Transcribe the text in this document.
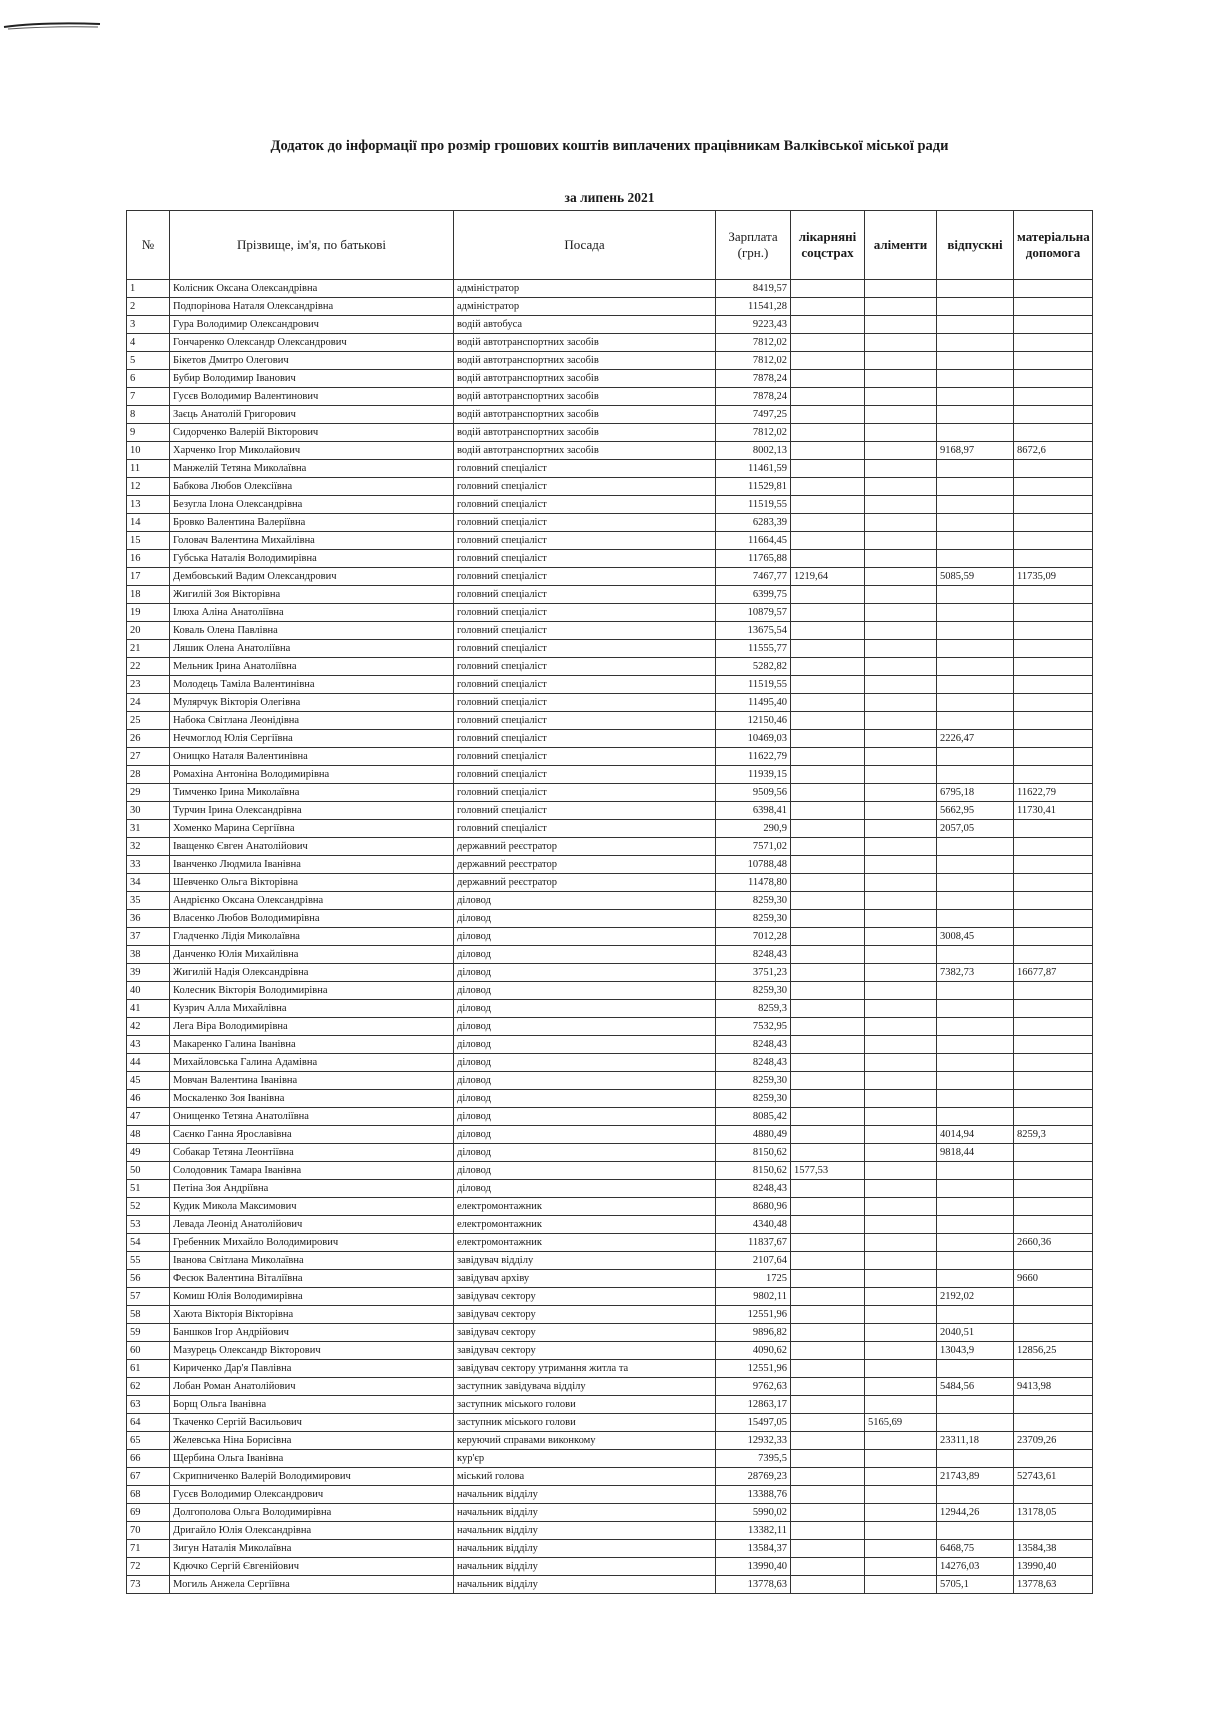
Додаток до інформації про розмір грошових коштів виплачених працівникам Валківської міської ради
за липень 2021
№	Прізвище, ім'я, по батькові	Посада	Зарплата (грн.)	лікарняні соцстрах	аліменти	відпускні	матеріальна допомога
1	Колісник Оксана Олександрівна	адміністратор	8419,57				
2	Подпорінова Наталя Олександрівна	адміністратор	11541,28				
3	Гура Володимир Олександрович	водій автобуса	9223,43				
4	Гончаренко Олександр Олександрович	водій автотранспортних засобів	7812,02				
5	Бікетов Дмитро Олегович	водій автотранспортних засобів	7812,02				
6	Бубир Володимир Іванович	водій автотранспортних засобів	7878,24				
7	Гусєв Володимир Валентинович	водій автотранспортних засобів	7878,24				
8	Заєць Анатолій Григорович	водій автотранспортних засобів	7497,25				
9	Сидорченко Валерій Вікторович	водій автотранспортних засобів	7812,02				
10	Харченко Ігор Миколайович	водій автотранспортних засобів	8002,13			9168,97	8672,6
11	Манжелій Тетяна Миколаївна	головний спеціаліст	11461,59				
12	Бабкова Любов Олексіївна	головний спеціаліст	11529,81				
13	Безугла Ілона Олександрівна	головний спеціаліст	11519,55				
14	Бровко Валентина Валеріївна	головний спеціаліст	6283,39				
15	Головач Валентина Михайлівна	головний спеціаліст	11664,45				
16	Губська Наталія Володимирівна	головний спеціаліст	11765,88				
17	Дембовський Вадим Олександрович	головний спеціаліст	7467,77	1219,64		5085,59	11735,09
18	Жигилій Зоя Вікторівна	головний спеціаліст	6399,75				
19	Ілюха Аліна Анатоліївна	головний спеціаліст	10879,57				
20	Коваль Олена Павлівна	головний спеціаліст	13675,54				
21	Ляшик Олена Анатоліївна	головний спеціаліст	11555,77				
22	Мельник Ірина Анатоліївна	головний спеціаліст	5282,82				
23	Молодець Тамiла Валентинівна	головний спеціаліст	11519,55				
24	Мулярчук Вікторія Олегівна	головний спеціаліст	11495,40				
25	Набока Світлана Леонідівна	головний спеціаліст	12150,46				
26	Нечмоглод Юлія Сергіївна	головний спеціаліст	10469,03			2226,47	
27	Онищко Наталя Валентинівна	головний спеціаліст	11622,79				
28	Ромахіна Антоніна Володимирівна	головний спеціаліст	11939,15				
29	Тимченко Ірина Миколаївна	головний спеціаліст	9509,56			6795,18	11622,79
30	Турчин Ірина Олександрівна	головний спеціаліст	6398,41			5662,95	11730,41
31	Хоменко Марина Сергіївна	головний спеціаліст	290,9			2057,05	
32	Іващенко Євген Анатолійович	державний реєстратор	7571,02				
33	Іванченко Людмила Іванівна	державний реєстратор	10788,48				
34	Шевченко Ольга Вікторівна	державний реєстратор	11478,80				
35	Андрієнко Оксана Олександрівна	діловод	8259,30				
36	Власенко Любов Володимирівна	діловод	8259,30				
37	Гладченко Лідія Миколаївна	діловод	7012,28			3008,45	
38	Данченко Юлія Михайлівна	діловод	8248,43				
39	Жигилій Надія Олександрівна	діловод	3751,23			7382,73	16677,87
40	Колесник Вікторія Володимирівна	діловод	8259,30				
41	Кузрич Алла Михайлівна	діловод	8259,3				
42	Лега Віра Володимирівна	діловод	7532,95				
43	Макаренко Галина Іванівна	діловод	8248,43				
44	Михайловська Галина Адамівна	діловод	8248,43				
45	Мовчан Валентина Іванівна	діловод	8259,30				
46	Москаленко Зоя Іванівна	діловод	8259,30				
47	Онищенко Тетяна Анатоліївна	діловод	8085,42				
48	Саєнко Ганна Ярославівна	діловод	4880,49			4014,94	8259,3
49	Собакар Тетяна Леонтіївна	діловод	8150,62			9818,44	
50	Солодовник Тамара Іванівна	діловод	8150,62	1577,53			
51	Петіна Зоя Андріївна	діловод	8248,43				
52	Кудик Микола Максимович	електромонтажник	8680,96				
53	Левада Леонід Анатолійович	електромонтажник	4340,48				
54	Гребенник Михайло Володимирович	електромонтажник	11837,67				2660,36
55	Іванова Світлана Миколаївна	завідувач відділу	2107,64				
56	Фесюк Валентина Віталіївна	завідувач архіву	1725				9660
57	Комиш Юлія Володимирівна	завідувач сектору	9802,11			2192,02	
58	Хаюта Вікторія Вікторівна	завідувач сектору	12551,96				
59	Баншков Ігор Андрійович	завідувач сектору	9896,82			2040,51	
60	Мазурець Олександр Вікторович	завідувач сектору	4090,62			13043,9	12856,25
61	Кириченко Дар'я Павлівна	завідувач сектору утримання житла та	12551,96				
62	Лобан Роман Анатолійович	заступник завідувача відділу	9762,63			5484,56	9413,98
63	Борщ Ольга Іванівна	заступник міського голови	12863,17				
64	Ткаченко Сергій Васильович	заступник міського голови	15497,05		5165,69		
65	Желевська Ніна Борисівна	керуючий справами виконкому	12932,33			23311,18	23709,26
66	Щербина Ольга Іванівна	кур'єр	7395,5				
67	Скрипниченко Валерій Володимирович	міський голова	28769,23			21743,89	52743,61
68	Гусєв Володимир Олександрович	начальник відділу	13388,76				
69	Долгополова Ольга Володимирівна	начальник відділу	5990,02			12944,26	13178,05
70	Дригайло Юлія Олександрівна	начальник відділу	13382,11				
71	Зигун Наталія Миколаївна	начальник відділу	13584,37			6468,75	13584,38
72	Кдючко Сергій Євгенійович	начальник відділу	13990,40			14276,03	13990,40
73	Могиль Анжела Сергіївна	начальник відділу	13778,63			5705,1	13778,63
